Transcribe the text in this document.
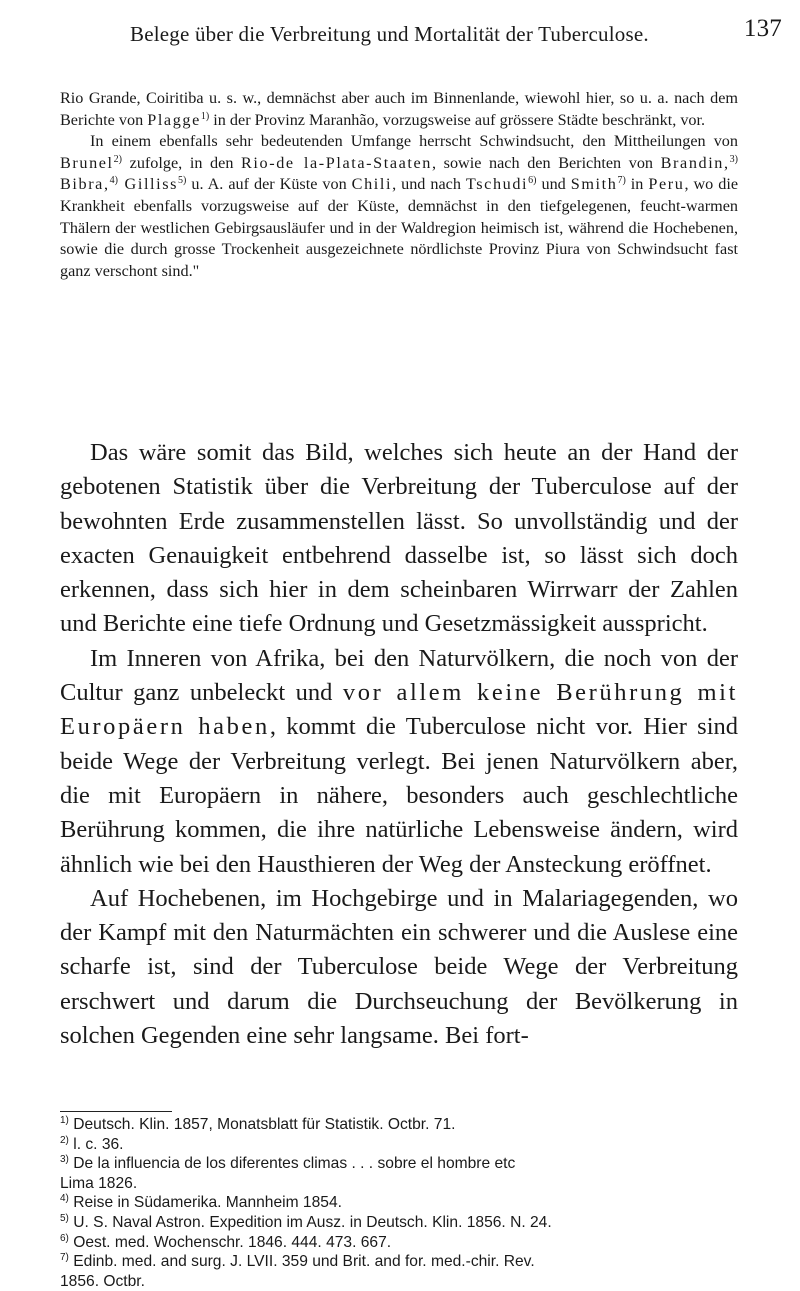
Belege über die Verbreitung und Mortalität der Tuberculose.	137

Rio Grande, Coiritiba u. s. w., demnächst aber auch im Binnenlande, wiewohl hier, so u. a. nach dem Berichte von Plagge$^{1)}$ in der Provinz Maranhão, vorzugsweise auf grössere Städte beschränkt, vor.

In einem ebenfalls sehr bedeutenden Umfange herrscht Schwindsucht, den Mittheilungen von Brunel$^{2)}$ zufolge, in den Rio-de la-Plata-Staaten, sowie nach den Berichten von Brandin,$^{3)}$ Bibra,$^{4)}$ Gilliss$^{5)}$ u. A. auf der Küste von Chili, und nach Tschudi$^{6)}$ und Smith$^{7)}$ in Peru, wo die Krankheit ebenfalls vorzugsweise auf der Küste, demnächst in den tiefgelegenen, feucht-warmen Thälern der westlichen Gebirgsausläufer und in der Waldregion heimisch ist, während die Hochebenen, sowie die durch grosse Trockenheit ausgezeichnete nördlichste Provinz Piura von Schwindsucht fast ganz verschont sind."

Das wäre somit das Bild, welches sich heute an der Hand der gebotenen Statistik über die Verbreitung der Tuberculose auf der bewohnten Erde zusammenstellen lässt. So unvollständig und der exacten Genauigkeit entbehrend dasselbe ist, so lässt sich doch erkennen, dass sich hier in dem scheinbaren Wirrwarr der Zahlen und Berichte eine tiefe Ordnung und Gesetzmässigkeit ausspricht.

Im Inneren von Afrika, bei den Naturvölkern, die noch von der Cultur ganz unbeleckt und vor allem keine Berührung mit Europäern haben, kommt die Tuberculose nicht vor. Hier sind beide Wege der Verbreitung verlegt. Bei jenen Naturvölkern aber, die mit Europäern in nähere, besonders auch geschlechtliche Berührung kommen, die ihre natürliche Lebensweise ändern, wird ähnlich wie bei den Hausthieren der Weg der Ansteckung eröffnet.

Auf Hochebenen, im Hochgebirge und in Malariagegenden, wo der Kampf mit den Naturmächten ein schwerer und die Auslese eine scharfe ist, sind der Tuberculose beide Wege der Verbreitung erschwert und darum die Durchseuchung der Bevölkerung in solchen Gegenden eine sehr langsame. Bei fort-

$^{1)}$ Deutsch. Klin. 1857, Monatsblatt für Statistik. Octbr. 71.

$^{2)}$ l. c. 36.

$^{3)}$ De la influencia de los diferentes climas . . . sobre el hombre etc

Lima 1826.

$^{4)}$ Reise in Südamerika. Mannheim 1854.

$^{5)}$ U. S. Naval Astron. Expedition im Ausz. in Deutsch. Klin. 1856. N. 24.

$^{6)}$ Oest. med. Wochenschr. 1846. 444. 473. 667.

$^{7)}$ Edinb. med. and surg. J. LVII. 359 und Brit. and for. med.-chir. Rev.

1856. Octbr.
